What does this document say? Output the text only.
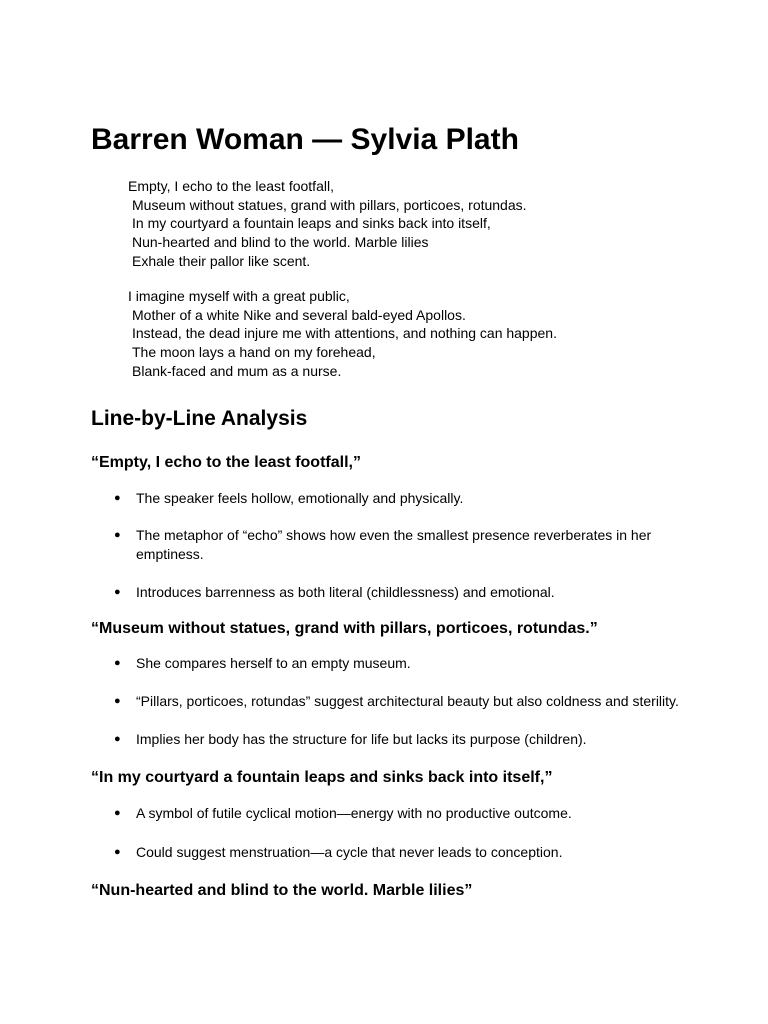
Barren Woman — Sylvia Plath
Empty, I echo to the least footfall,
Museum without statues, grand with pillars, porticoes, rotundas.
In my courtyard a fountain leaps and sinks back into itself,
Nun-hearted and blind to the world. Marble lilies
Exhale their pallor like scent.
I imagine myself with a great public,
Mother of a white Nike and several bald-eyed Apollos.
Instead, the dead injure me with attentions, and nothing can happen.
The moon lays a hand on my forehead,
Blank-faced and mum as a nurse.
Line-by-Line Analysis
“Empty, I echo to the least footfall,”
● The speaker feels hollow, emotionally and physically.
● The metaphor of “echo” shows how even the smallest presence reverberates in her emptiness.
● Introduces barrenness as both literal (childlessness) and emotional.
“Museum without statues, grand with pillars, porticoes, rotundas.”
● She compares herself to an empty museum.
● “Pillars, porticoes, rotundas” suggest architectural beauty but also coldness and sterility.
● Implies her body has the structure for life but lacks its purpose (children).
“In my courtyard a fountain leaps and sinks back into itself,”
● A symbol of futile cyclical motion—energy with no productive outcome.
● Could suggest menstruation—a cycle that never leads to conception.
“Nun-hearted and blind to the world. Marble lilies”
